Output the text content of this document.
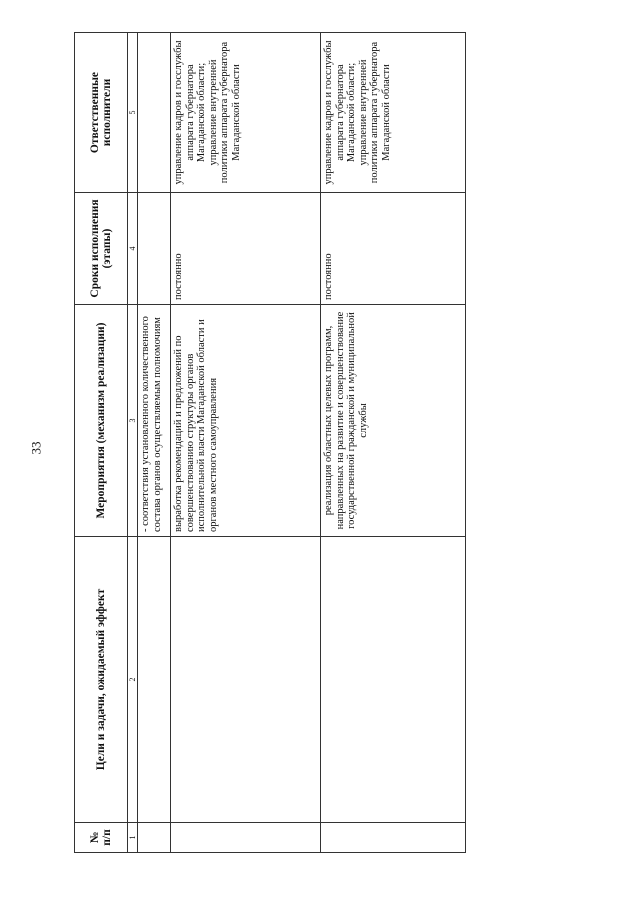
33
№ п/п	Цели и задачи, ожидаемый эффект	Мероприятия (механизм реализации)	Сроки исполнения (этапы)	Ответственные исполнители
1	2	3	4	5
		- соответствия установленного количественного состава органов осуществляемым полномочиям		
		выработка рекомендаций и предложений по совершенствованию структуры органов исполнительной власти Магаданской области и органов местного самоуправления	постоянно	управление кадров и госслужбы аппарата губернатора Магаданской области; управление внутренней политики аппарата губернатора Магаданской области
		реализация областных целевых программ, направленных на развитие и совершенствование государственной гражданской и муниципальной службы	постоянно	управление кадров и госслужбы аппарата губернатора Магаданской области; управление внутренней политики аппарата губернатора Магаданской области
